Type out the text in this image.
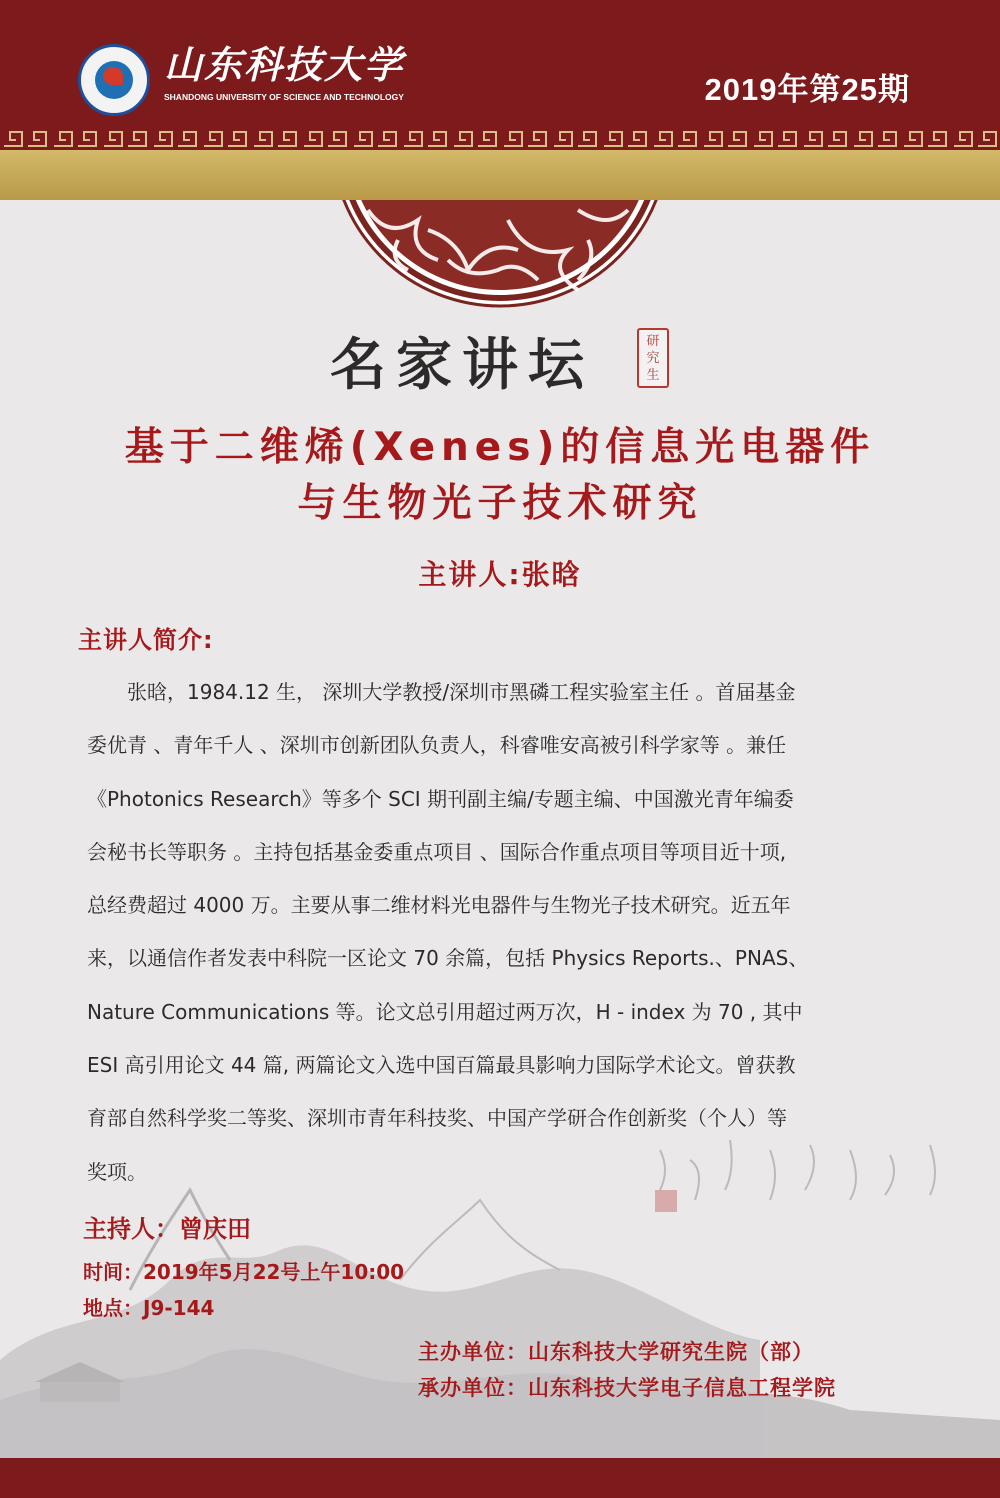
山东科技大学
SHANDONG UNIVERSITY OF SCIENCE AND TECHNOLOGY	2019年第25期
名家讲坛	研
究
生
基于二维烯(Xenes)的信息光电器件
与生物光子技术研究
主讲人:张晗
主讲人简介:
张晗，1984.12 生， 深圳大学教授/深圳市黑磷工程实验室主任 。首届基金
委优青 、青年千人 、深圳市创新团队负责人，科睿唯安高被引科学家等 。兼任
《Photonics Research》等多个 SCI 期刊副主编/专题主编、中国激光青年编委
会秘书长等职务 。主持包括基金委重点项目 、国际合作重点项目等项目近十项,
总经费超过 4000 万。主要从事二维材料光电器件与生物光子技术研究。近五年
来，以通信作者发表中科院一区论文 70 余篇，包括 Physics Reports.、PNAS、
Nature Communications 等。论文总引用超过两万次，H - index 为 70 , 其中
ESI 高引用论文 44 篇, 两篇论文入选中国百篇最具影响力国际学术论文。曾获教
育部自然科学奖二等奖、深圳市青年科技奖、中国产学研合作创新奖（个人）等
奖项。
主持人：曾庆田
时间：2019年5月22号上午10:00
地点：J9-144
主办单位：山东科技大学研究生院（部）
承办单位：山东科技大学电子信息工程学院
